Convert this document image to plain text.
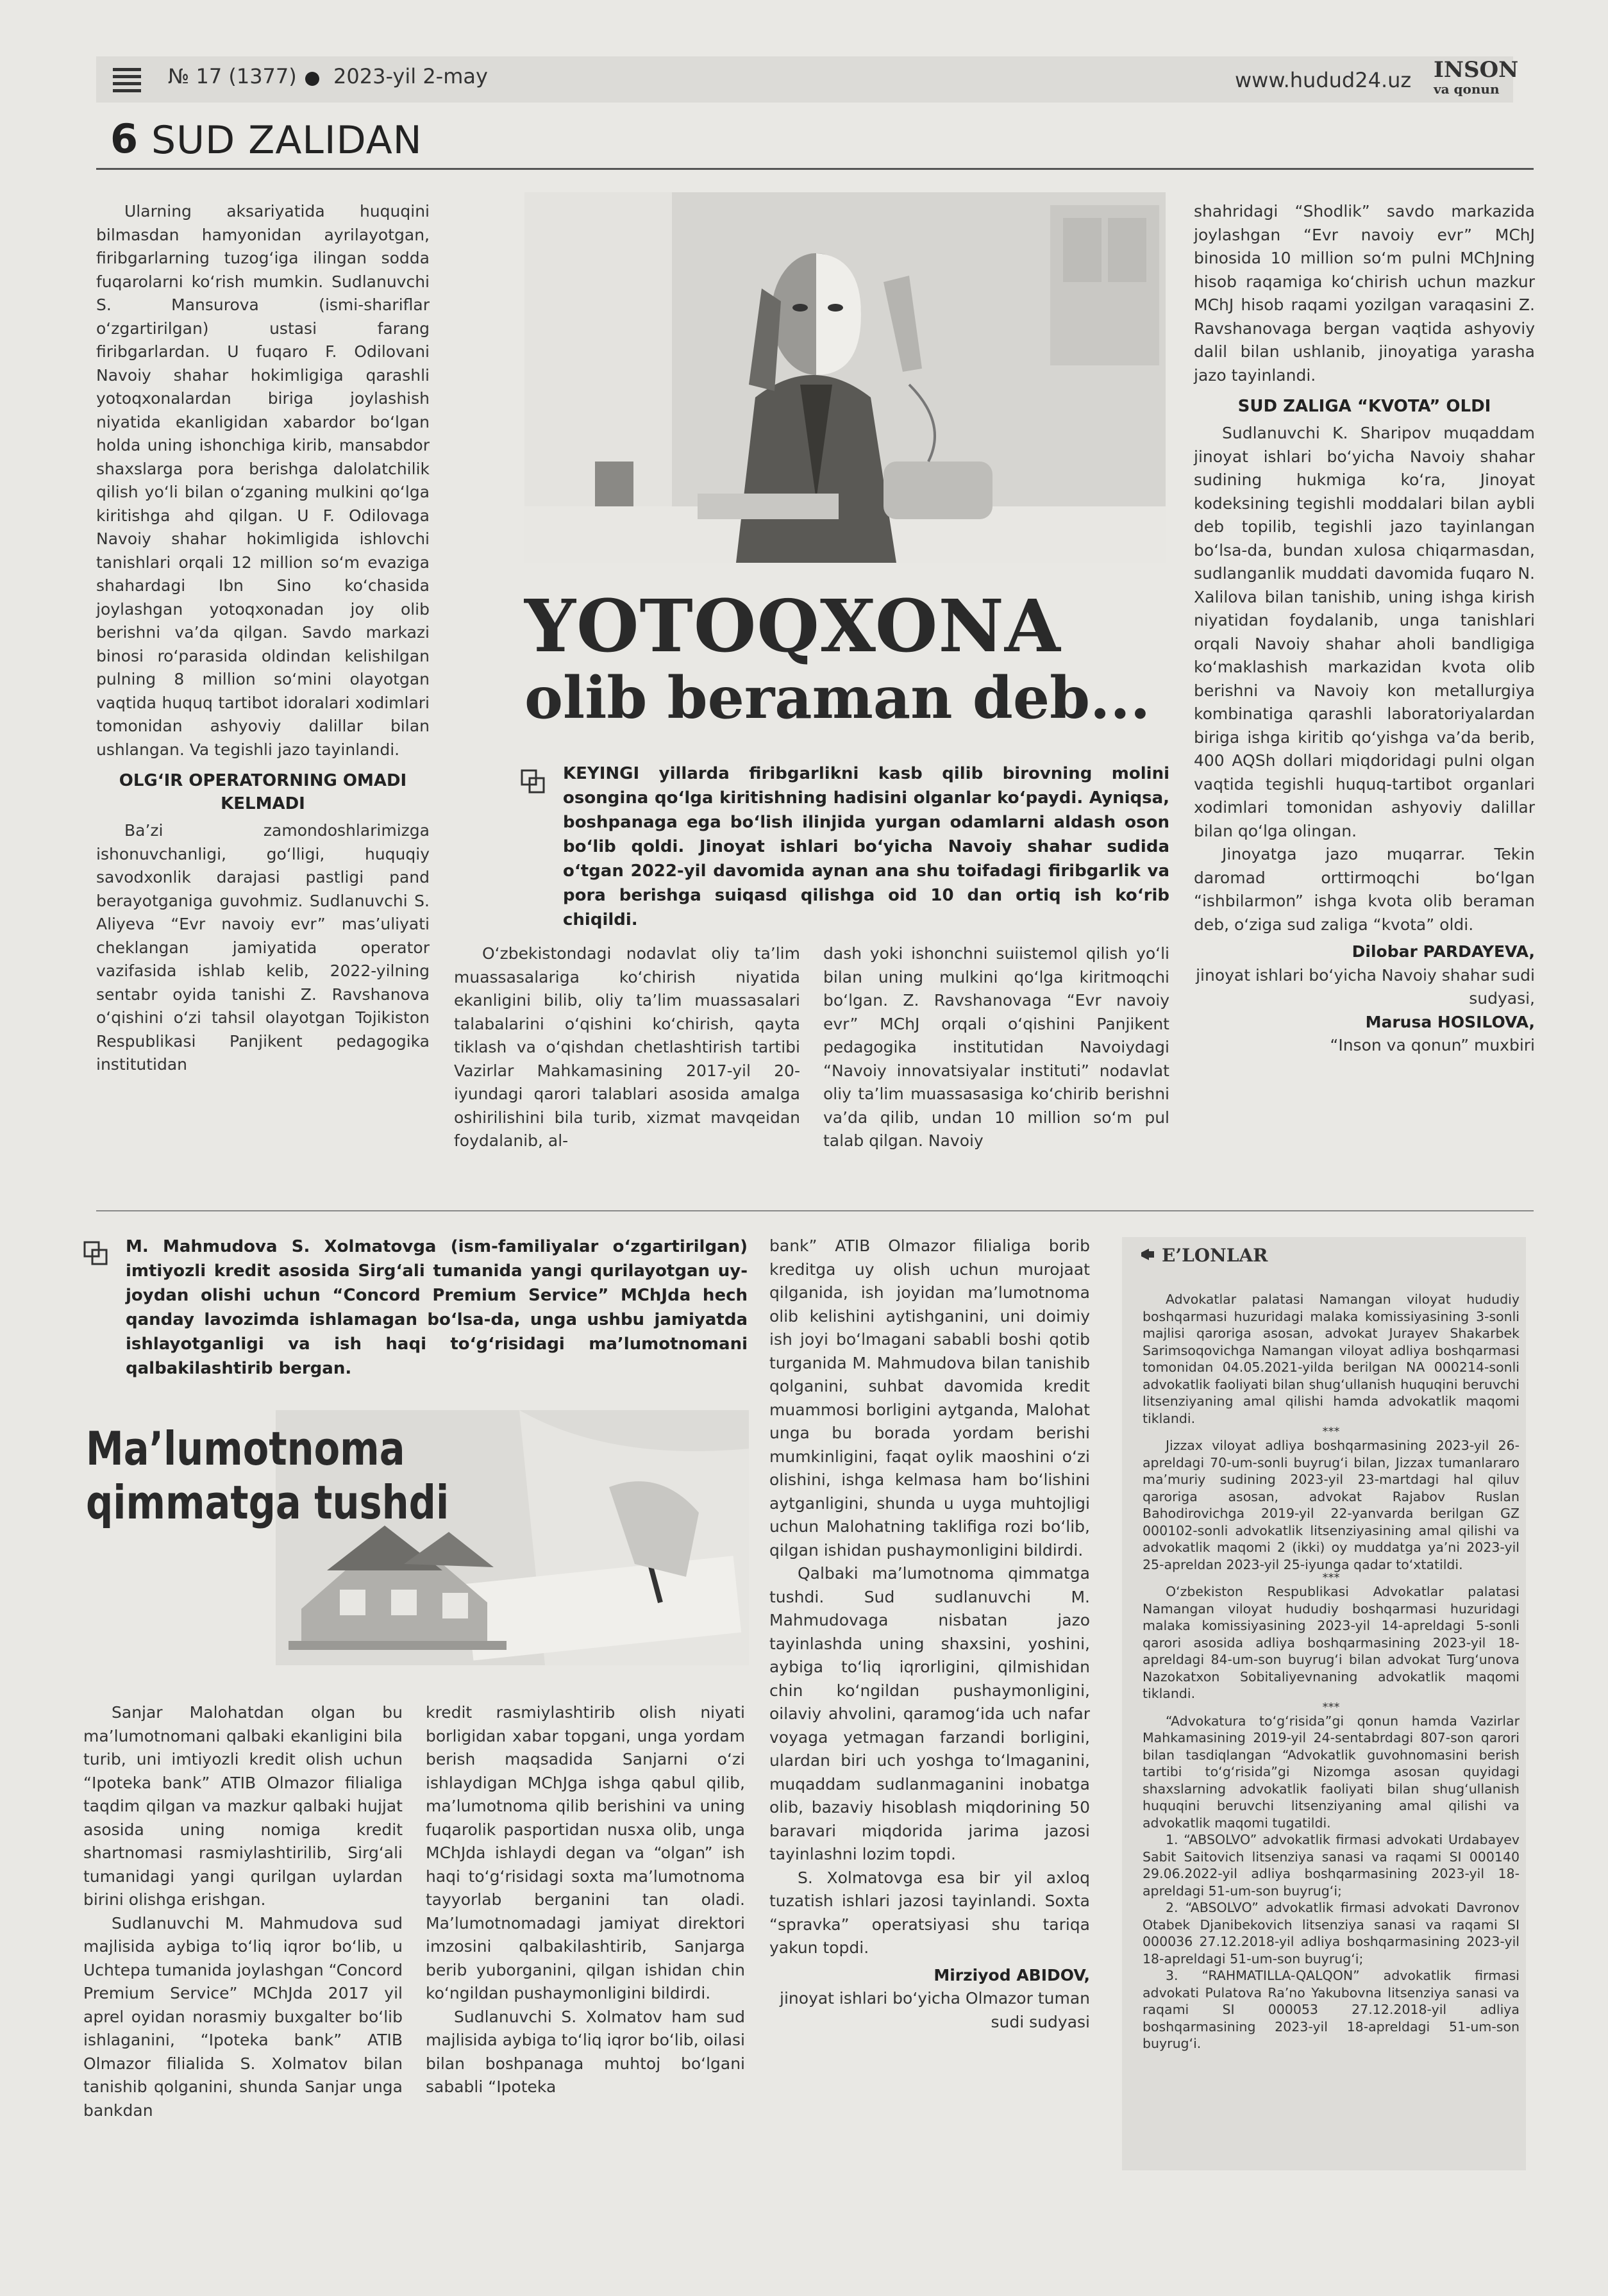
№ 17 (1377) 2023-yil 2-may	www.hudud24.uz INSON
va qonun
6 SUD ZALIDAN

Ularning aksariyatida huquqini bilmasdan hamyonidan ayrilayotgan, firibgarlarning tuzog‘iga ilingan sodda fuqarolarni ko‘rish mumkin. Sudlanuvchi S. Mansurova (ismi-shariflar o‘zgartirilgan) ustasi farang firibgarlardan. U fuqaro F. Odilovani Navoiy shahar hokimligiga qarashli yotoqxonalardan biriga joylashish niyatida ekanligidan xabardor bo‘lgan holda uning ishonchiga kirib, mansabdor shaxslarga pora berishga dalolatchilik qilish yo‘li bilan o‘zganing mulkini qo‘lga kiritishga ahd qilgan. U F. Odilovaga Navoiy shahar hokimligida ishlovchi tanishlari orqali 12 million so‘m evaziga shahardagi Ibn Sino ko‘chasida joylashgan yotoqxonadan joy olib berishni va’da qilgan. Savdo markazi binosi ro‘parasida oldindan kelishilgan pulning 8 million so‘mini olayotgan vaqtida huquq tartibot idoralari xodimlari tomonidan ashyoviy dalillar bilan ushlangan. Va tegishli jazo tayinlandi.

OLG‘IR OPERATORNING OMADI KELMADI

Ba’zi zamondoshlarimizga ishonuvchanligi, go‘lligi, huquqiy savodxonlik darajasi pastligi pand berayotganiga guvohmiz. Sudlanuvchi S. Aliyeva “Evr navoiy evr” mas’uliyati cheklangan jamiyatida operator vazifasida ishlab kelib, 2022-yilning sentabr oyida tanishi Z. Ravshanova o‘qishini o‘zi tahsil olayotgan Tojikiston Respublikasi Panjikent pedagogika institutidan

YOTOQXONA
olib beraman deb...
KEYINGI yillarda firibgarlikni kasb qilib birovning molini osongina qo‘lga kiritishning hadisini olganlar ko‘paydi. Ayniqsa, boshpanaga ega bo‘lish ilinjida yurgan odamlarni aldash oson bo‘lib qoldi. Jinoyat ishlari bo‘yicha Navoiy shahar sudida o‘tgan 2022-yil davomida aynan ana shu toifadagi firibgarlik va pora berishga suiqasd qilishga oid 10 dan ortiq ish ko‘rib chiqildi.

O‘zbekistondagi nodavlat oliy ta’lim muassasalariga ko‘chirish niyatida ekanligini bilib, oliy ta’lim muassasalari talabalarini o‘qishini ko‘chirish, qayta tiklash va o‘qishdan chetlashtirish tartibi Vazirlar Mahkamasining 2017-yil 20-iyundagi qarori talablari asosida amalga oshirilishini bila turib, xizmat mavqeidan foydalanib, al-

dash yoki ishonchni suiistemol qilish yo‘li bilan uning mulkini qo‘lga kiritmoqchi bo‘lgan. Z. Ravshanovaga “Evr navoiy evr” MChJ orqali o‘qishini Panjikent pedagogika institutidan Navoiydagi “Navoiy innovatsiyalar instituti” nodavlat oliy ta’lim muassasasiga ko‘chirib berishni va’da qilib, undan 10 million so‘m pul talab qilgan. Navoiy

shahridagi “Shodlik” savdo markazida joylashgan “Evr navoiy evr” MChJ binosida 10 million so‘m pulni MChJning hisob raqamiga ko‘chirish uchun mazkur MChJ hisob raqami yozilgan varaqasini Z. Ravshanovaga bergan vaqtida ashyoviy dalil bilan ushlanib, jinoyatiga yarasha jazo tayinlandi.

SUD ZALIGA “KVOTA” OLDI

Sudlanuvchi K. Sharipov muqaddam jinoyat ishlari bo‘yicha Navoiy shahar sudining hukmiga ko‘ra, Jinoyat kodeksining tegishli moddalari bilan aybli deb topilib, tegishli jazo tayinlangan bo‘lsa-da, bundan xulosa chiqarmasdan, sudlanganlik muddati davomida fuqaro N. Xalilova bilan tanishib, uning ishga kirish niyatidan foydalanib, unga tanishlari orqali Navoiy shahar aholi bandligiga ko‘maklashish markazidan kvota olib berishni va Navoiy kon metallurgiya kombinatiga qarashli laboratoriyalardan biriga ishga kiritib qo‘yishga va’da berib, 400 AQSh dollari miqdoridagi pulni olgan vaqtida tegishli huquq-tartibot organlari xodimlari tomonidan ashyoviy dalillar bilan qo‘lga olingan.

Jinoyatga jazo muqarrar. Tekin daromad orttirmoqchi bo‘lgan “ishbilarmon” ishga kvota olib beraman deb, o‘ziga sud zaliga “kvota” oldi.

Dilobar PARDAYEVA,

jinoyat ishlari bo‘yicha Navoiy shahar sudi sudyasi,

Marusa HOSILOVA,

“Inson va qonun” muxbiri

M. Mahmudova S. Xolmatovga (ism-familiyalar o‘zgartirilgan) imtiyozli kredit asosida Sirg‘ali tumanida yangi qurilayotgan uy-joydan olishi uchun “Concord Premium Service” MChJda hech qanday lavozimda ishlamagan bo‘lsa-da, unga ushbu jamiyatda ishlayotganligi va ish haqi to‘g‘risidagi ma’lumotnomani qalbakilashtirib bergan.
Ma’lumotnoma
qimmatga tushdi

Sanjar Malohatdan olgan bu ma’lumotnomani qalbaki ekanligini bila turib, uni imtiyozli kredit olish uchun “Ipoteka bank” ATIB Olmazor filialiga taqdim qilgan va mazkur qalbaki hujjat asosida uning nomiga kredit shartnomasi rasmiylashtirilib, Sirg‘ali tumanidagi yangi qurilgan uylardan birini olishga erishgan.

Sudlanuvchi M. Mahmudova sud majlisida aybiga to‘liq iqror bo‘lib, u Uchtepa tumanida joylashgan “Concord Premium Service” MChJda 2017 yil aprel oyidan norasmiy buxgalter bo‘lib ishlaganini, “Ipoteka bank” ATIB Olmazor filialida S. Xolmatov bilan tanishib qolganini, shunda Sanjar unga bankdan

kredit rasmiylashtirib olish niyati borligidan xabar topgani, unga yordam berish maqsadida Sanjarni o‘zi ishlaydigan MChJga ishga qabul qilib, ma’lumotnoma qilib berishini va uning fuqarolik pasportidan nusxa olib, unga MChJda ishlaydi degan va “olgan” ish haqi to‘g‘risidagi soxta ma’lumotnoma tayyorlab berganini tan oladi. Ma’lumotnomadagi jamiyat direktori imzosini qalbakilashtirib, Sanjarga berib yuborganini, qilgan ishidan chin ko‘ngildan pushaymonligini bildirdi.

Sudlanuvchi S. Xolmatov ham sud majlisida aybiga to‘liq iqror bo‘lib, oilasi bilan boshpanaga muhtoj bo‘lgani sababli “Ipoteka

bank” ATIB Olmazor filialiga borib kreditga uy olish uchun murojaat qilganida, ish joyidan ma’lumotnoma olib kelishini aytishganini, uni doimiy ish joyi bo‘lmagani sababli boshi qotib turganida M. Mahmudova bilan tanishib qolganini, suhbat davomida kredit muammosi borligini aytganda, Malohat unga bu borada yordam berishi mumkinligini, faqat oylik maoshini o‘zi olishini, ishga kelmasa ham bo‘lishini aytganligini, shunda u uyga muhtojligi uchun Malohatning taklifiga rozi bo‘lib, qilgan ishidan pushaymonligini bildirdi.

Qalbaki ma’lumotnoma qimmatga tushdi. Sud sudlanuvchi M. Mahmudovaga nisbatan jazo tayinlashda uning shaxsini, yoshini, aybiga to‘liq iqrorligini, qilmishidan chin ko‘ngildan pushaymonligini, oilaviy ahvolini, qaramog‘ida uch nafar voyaga yetmagan farzandi borligini, ulardan biri uch yoshga to‘lmaganini, muqaddam sudlanmaganini inobatga olib, bazaviy hisoblash miqdorining 50 baravari miqdorida jarima jazosi tayinlashni lozim topdi.

S. Xolmatovga esa bir yil axloq tuzatish ishlari jazosi tayinlandi. Soxta “spravka” operatsiyasi shu tariqa yakun topdi.

Mirziyod ABIDOV,

jinoyat ishlari bo‘yicha Olmazor tuman sudi sudyasi

E’LONLAR

Advokatlar palatasi Namangan viloyat hududiy boshqarmasi huzuridagi malaka komissiyasining 3-sonli majlisi qaroriga asosan, advokat Jurayev Shakarbek Sarimsoqovichga Namangan viloyat adliya boshqarmasi tomonidan 04.05.2021-yilda berilgan NA 000214-sonli advokatlik faoliyati bilan shug‘ullanish huquqini beruvchi litsenziyaning amal qilishi hamda advokatlik maqomi tiklandi.

***

Jizzax viloyat adliya boshqarmasining 2023-yil 26-apreldagi 70-um-sonli buyrug‘i bilan, Jizzax tumanlararo ma’muriy sudining 2023-yil 23-martdagi hal qiluv qaroriga asosan, advokat Rajabov Ruslan Bahodirovichga 2019-yil 22-yanvarda berilgan GZ 000102-sonli advokatlik litsenziyasining amal qilishi va advokatlik maqomi 2 (ikki) oy muddatga ya’ni 2023-yil 25-apreldan 2023-yil 25-iyunga qadar to‘xtatildi.

***

O‘zbekiston Respublikasi Advokatlar palatasi Namangan viloyat hududiy boshqarmasi huzuridagi malaka komissiyasining 2023-yil 14-apreldagi 5-sonli qarori asosida adliya boshqarmasining 2023-yil 18-apreldagi 84-um-son buyrug‘i bilan advokat Turg‘unova Nazokatxon Sobitaliyevnaning advokatlik maqomi tiklandi.

***

“Advokatura to‘g‘risida”gi qonun hamda Vazirlar Mahkamasining 2019-yil 24-sentabrdagi 807-son qarori bilan tasdiqlangan “Advokatlik guvohnomasini berish tartibi to‘g‘risida”gi Nizomga asosan quyidagi shaxslarning advokatlik faoliyati bilan shug‘ullanish huquqini beruvchi litsenziyaning amal qilishi va advokatlik maqomi tugatildi.

1. “ABSOLVO” advokatlik firmasi advokati Urdabayev Sabit Saitovich litsenziya sanasi va raqami SI 000140 29.06.2022-yil adliya boshqarmasining 2023-yil 18-apreldagi 51-um-son buyrug‘i;

2. “ABSOLVO” advokatlik firmasi advokati Davronov Otabek Djanibekovich litsenziya sanasi va raqami SI 000036 27.12.2018-yil adliya boshqarmasining 2023-yil 18-apreldagi 51-um-son buyrug‘i;

3. “RAHMATILLA-QALQON” advokatlik firmasi advokati Pulatova Ra’no Yakubovna litsenziya sanasi va raqami SI 000053 27.12.2018-yil adliya boshqarmasining 2023-yil 18-apreldagi 51-um-son buyrug‘i.
